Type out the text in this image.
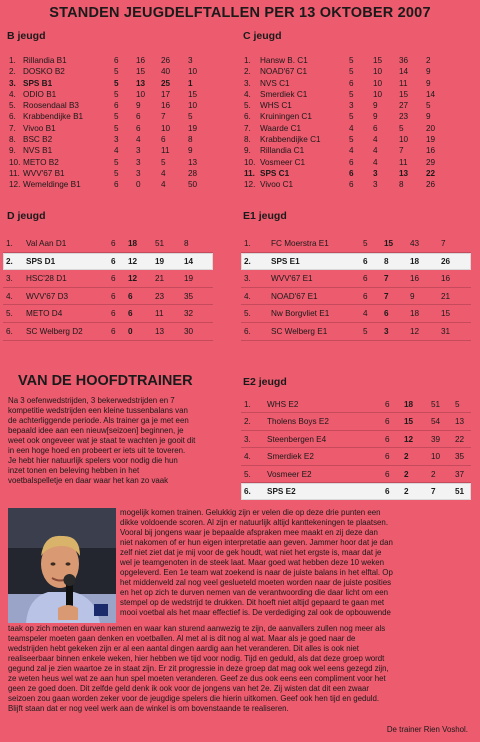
STANDEN JEUGDELFTALLEN PER 13 OKTOBER 2007
B jeugd
1. Rillandia B1	6 16 26 3
2. DOSKO B2	5 15 40 10
3. SPS B1	5 13 25 1
4. ODIO B1	5 10 17 15
5. Roosendaal B3	6 9 16 10
6. Krabbendijke B1	5 6 7	5
7. Vivoo B1	5 6 10 19
8. BSC B2	3 4 6	8
9. NVS B1	4 3 11 9
10. METO B2	5 3 5	13
11. WVV'67 B1	5 3 4	28
12. Wemeldinge B1	6 0 4	50
C jeugd
1. Hansw B. C1	5 15 36 2
2. NOAD'67 C1	5 10 14 9
3. NVS C1	6 10 11 9
4. Smerdiek C1	5 10 15 14
5. WHS C1	3 9	27 5
6. Kruiningen C1	5 9	23 9
7. Waarde C1	4 6	5	20
8. Krabbendijke C1	5 4	10 19
9. Rillandia C1	4 4	7	16
10. Vosmeer C1	6 4	11 29
11. SPS C1	6 3	13 22
12. Vivoo C1	6 3	8	26
D jeugd
1. Val Aan D1	6 18 51 8
2. SPS D1	6 12 19 14
3. HSC'28 D1	6 12 21 19
4. WVV'67 D3	6 6	23 35
5. METO D4	6 6	11	32
6. SC Welberg D2	6 0	13 30
E1 jeugd
1. FC Moerstra E1	5 15 43	7
2. SPS E1	6 8	18	26
3. WVV'67 E1	6 7	16	16
4. NOAD'67 E1	6 7	9	21
5. Nw Borgvliet E1	4 6	18	15
6. SC Welberg E1	5 3	12	31
VAN DE HOOFDTRAINER	E2 jeugd
1. WHS E2	6 18 51 5
2. Tholens Boys E2	6 15 54 13
3. Steenbergen E4	6 12 39 22
4. Smerdiek E2	6 2	10 35
5. Vosmeer E2	6 2	2 37
6. SPS E2	6 2	7 51

Na 3 oefenwedstrijden, 3 bekerwedstrijden en 7

kompetitie wedstrijden een kleine tussenbalans van

de achterliggende periode. Als trainer ga je met een

bepaald idee aan een nieuw[seizoen] beginnen, je

weet ook ongeveer wat je staat te wachten je gooit dit

in een hoge hoed en probeert er iets uit te toveren.

Je hebt hier natuurlijk spelers voor nodig die hun

inzet tonen en beleving hebben in het

voetbalspelletje en daar waar het kan zo vaak

mogelijk komen trainen. Gelukkig zijn er velen die op deze drie punten een

dikke voldoende scoren. Al zijn er natuurlijk altijd kanttekeningen te plaatsen.

Vooral bij jongens waar je bepaalde afspraken mee maakt en zij deze dan

niet nakomen of er hun eigen interpretatie aan geven. Jammer hoor dat je dan

zelf niet ziet dat je mij voor de gek houdt, wat niet het ergste is, maar dat je

wel je teamgenoten in de steek laat. Maar goed wat hebben deze 10 weken

opgeleverd. Een 1e team wat zoekend is naar de juiste balans in het elftal. Op

het middenveld zal nog veel geslueteld moeten worden naar de juiste posities

en het op zich te durven nemen van de verantwoording die daar licht om een

stempel op de wedstrijd te drukken. Dit hoeft niet altijd gepaard te gaan met

mooi voetbal als het maar effectief is. De verdediging zal ook de opbouwende

taak op zich moeten durven nemen en waar kan sturend aanwezig te zijn, de aanvallers zullen nog meer als

teamspeler moeten gaan denken en voetballen. Al met al is dit nog al wat. Maar als je goed naar de

wedstrijden hebt gekeken zijn er al een aantal dingen aardig aan het veranderen. Dit alles is ook niet

realiseerbaar binnen enkele weken, hier hebben we tijd voor nodig. Tijd en geduld, als dat deze groep wordt

gegund zal je zien waartoe ze in staat zijn. Er zit progressie in deze groep dat mag ook wel eens gezegd zijn,

ze weten heus wel wat ze aan hun spel moeten veranderen. Geef ze dus ook eens een compliment voor het

geen ze goed doen. Dit zelfde geld denk ik ook voor de jongens van het 2e. Zij wisten dat dit een zwaar

seizoen zou gaan worden zeker voor de jeugdige spelers die hierin uitkomen. Geef ook hen tijd en geduld.

Blijft staan dat er nog veel werk aan de winkel is om bovenstaande te realiseren.

De trainer Rien Voshol.
